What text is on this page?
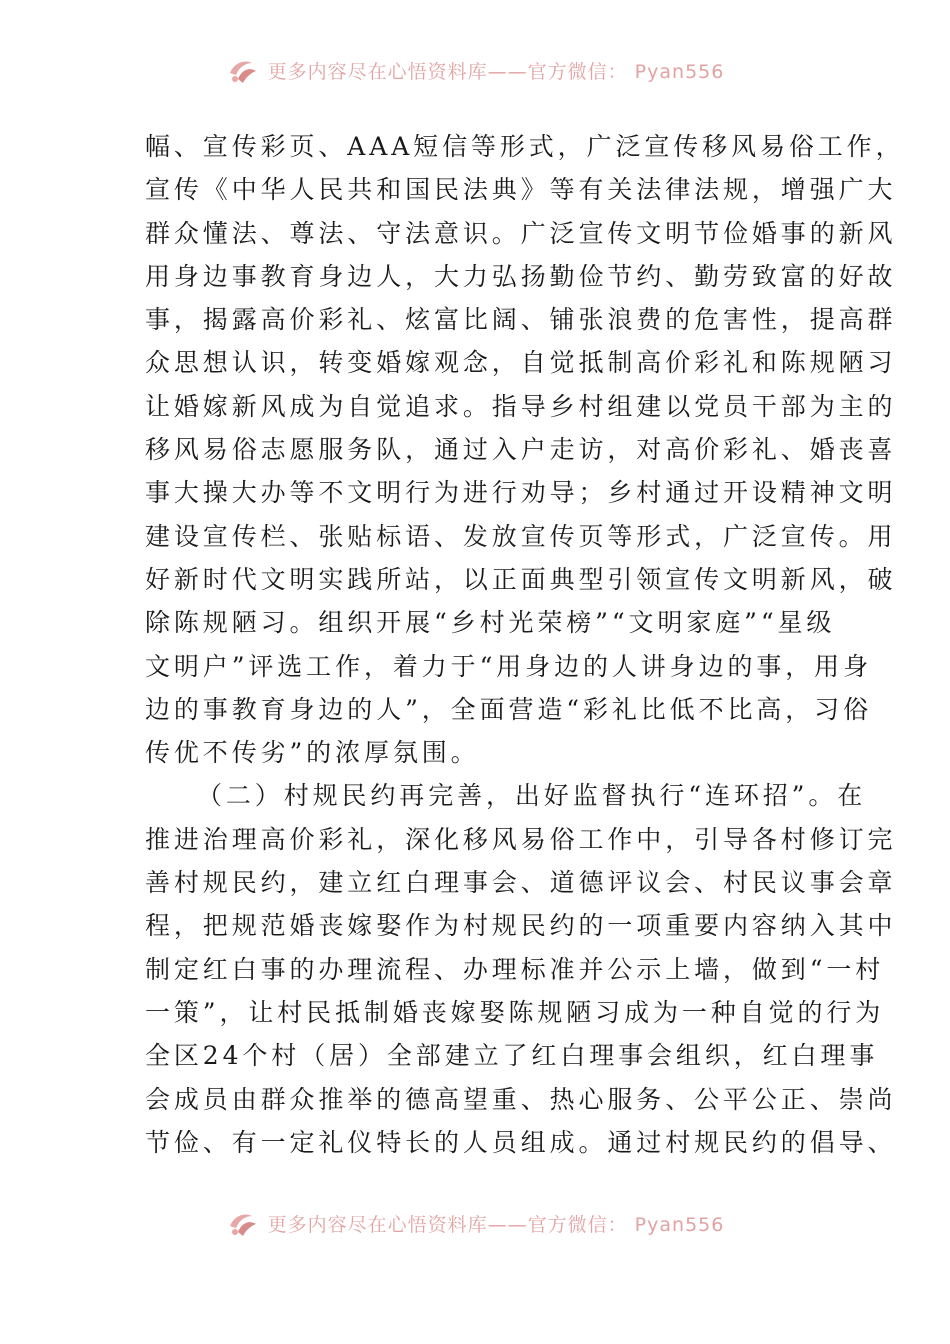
更多内容尽在心悟资料库——官方微信： Pyan556
幅、宣传彩页、AAA短信等形式，广泛宣传移风易俗工作，
宣传《中华人民共和国民法典》等有关法律法规，增强广大
群众懂法、尊法、守法意识。广泛宣传文明节俭婚事的新风
用身边事教育身边人，大力弘扬勤俭节约、勤劳致富的好故
事，揭露高价彩礼、炫富比阔、铺张浪费的危害性，提高群
众思想认识，转变婚嫁观念，自觉抵制高价彩礼和陈规陋习
让婚嫁新风成为自觉追求。指导乡村组建以党员干部为主的
移风易俗志愿服务队，通过入户走访，对高价彩礼、婚丧喜
事大操大办等不文明行为进行劝导；乡村通过开设精神文明
建设宣传栏、张贴标语、发放宣传页等形式，广泛宣传。用
好新时代文明实践所站，以正面典型引领宣传文明新风，破
除陈规陋习。组织开展“乡村光荣榜”“文明家庭”“星级
文明户”评选工作，着力于“用身边的人讲身边的事，用身
边的事教育身边的人”，全面营造“彩礼比低不比高，习俗
传优不传劣”的浓厚氛围。
（二）村规民约再完善，出好监督执行“连环招”。在
推进治理高价彩礼，深化移风易俗工作中，引导各村修订完
善村规民约，建立红白理事会、道德评议会、村民议事会章
程，把规范婚丧嫁娶作为村规民约的一项重要内容纳入其中
制定红白事的办理流程、办理标准并公示上墙，做到“一村
一策”，让村民抵制婚丧嫁娶陈规陋习成为一种自觉的行为
全区24个村（居）全部建立了红白理事会组织，红白理事
会成员由群众推举的德高望重、热心服务、公平公正、崇尚
节俭、有一定礼仪特长的人员组成。通过村规民约的倡导、
更多内容尽在心悟资料库——官方微信： Pyan556
